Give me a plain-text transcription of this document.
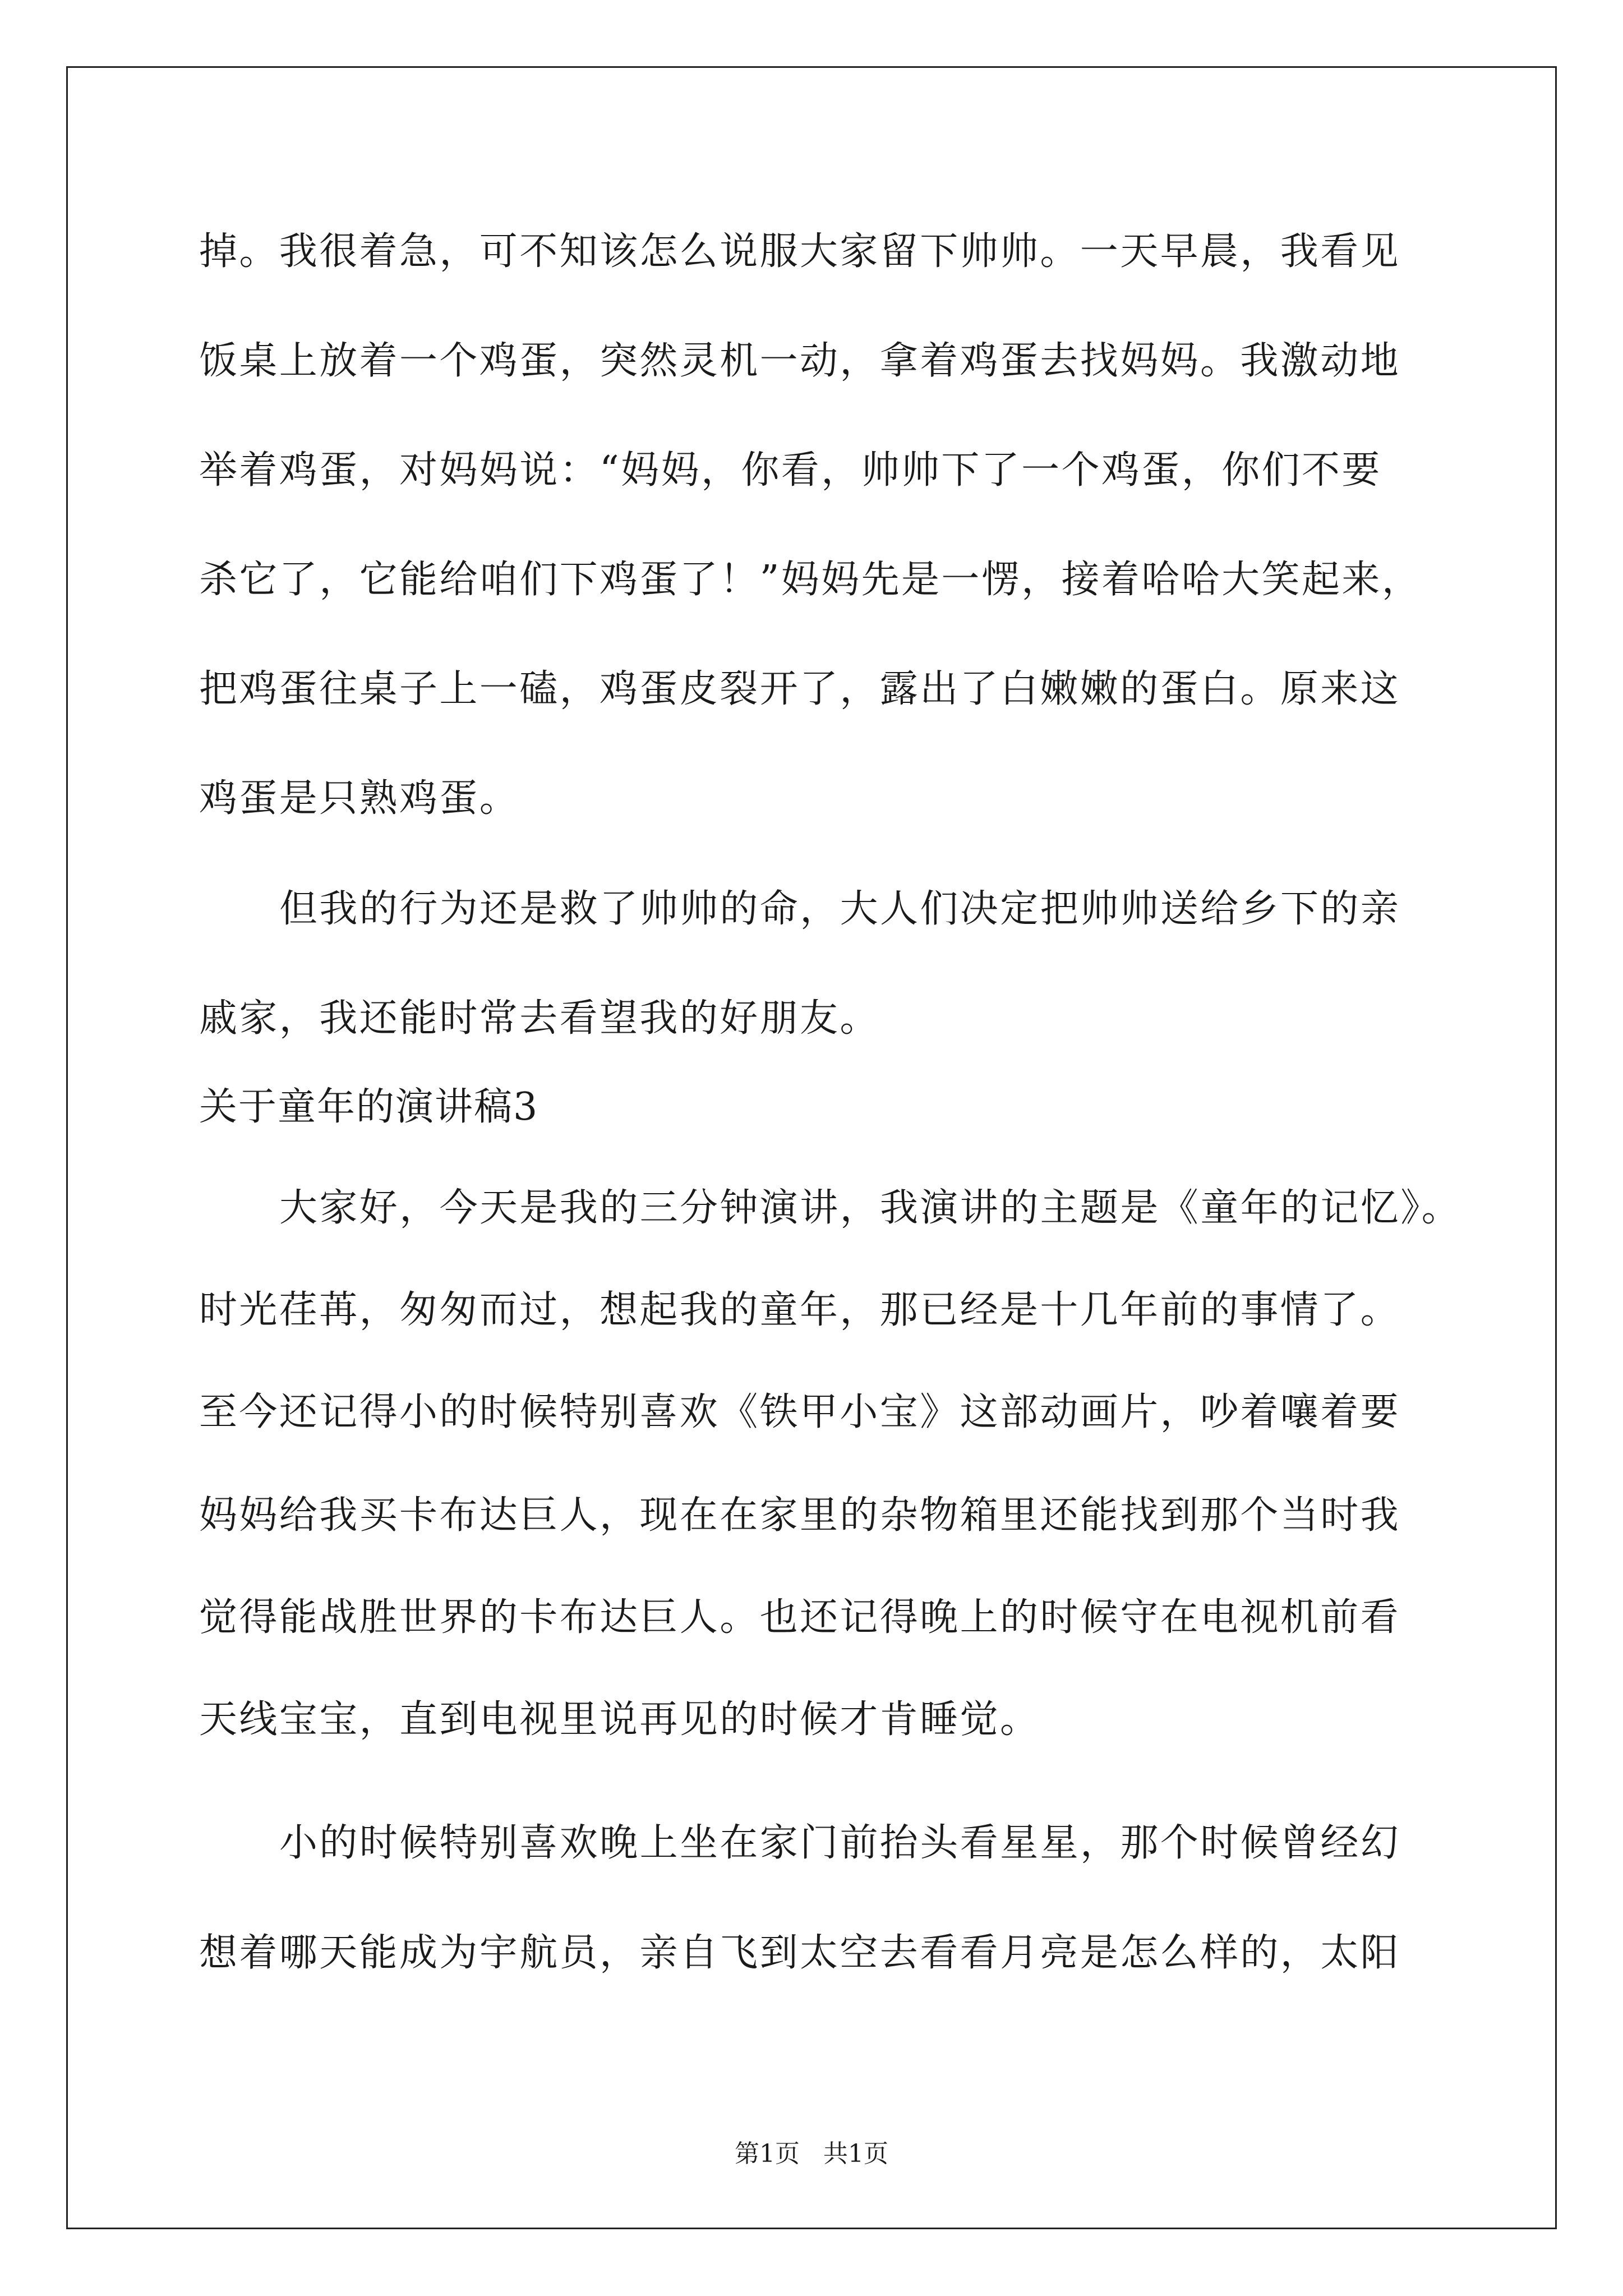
掉。我很着急，可不知该怎么说服大家留下帅帅。一天早晨，我看见
饭桌上放着一个鸡蛋，突然灵机一动，拿着鸡蛋去找妈妈。我激动地
举着鸡蛋，对妈妈说：“妈妈，你看，帅帅下了一个鸡蛋，你们不要
杀它了，它能给咱们下鸡蛋了！”妈妈先是一愣，接着哈哈大笑起来，
把鸡蛋往桌子上一磕，鸡蛋皮裂开了，露出了白嫩嫩的蛋白。原来这
鸡蛋是只熟鸡蛋。
但我的行为还是救了帅帅的命，大人们决定把帅帅送给乡下的亲
戚家，我还能时常去看望我的好朋友。
关于童年的演讲稿3
大家好，今天是我的三分钟演讲，我演讲的主题是《童年的记忆》。
时光荏苒，匆匆而过，想起我的童年，那已经是十几年前的事情了。
至今还记得小的时候特别喜欢《铁甲小宝》这部动画片，吵着嚷着要
妈妈给我买卡布达巨人，现在在家里的杂物箱里还能找到那个当时我
觉得能战胜世界的卡布达巨人。也还记得晚上的时候守在电视机前看
天线宝宝，直到电视里说再见的时候才肯睡觉。
小的时候特别喜欢晚上坐在家门前抬头看星星，那个时候曾经幻
想着哪天能成为宇航员，亲自飞到太空去看看月亮是怎么样的，太阳
第1页   共1页
